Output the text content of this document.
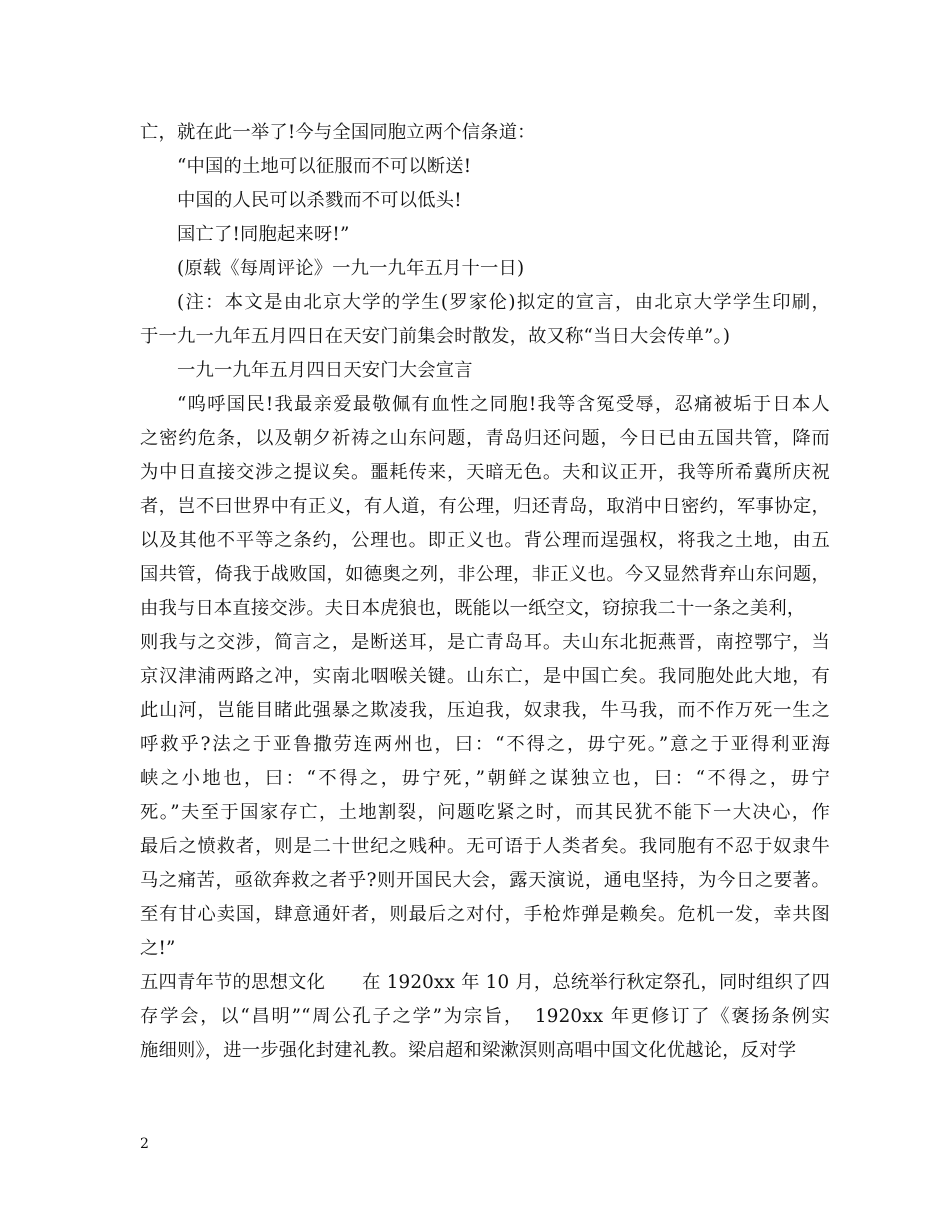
亡，就在此一举了!今与全国同胞立两个信条道：
“中国的土地可以征服而不可以断送!
中国的人民可以杀戮而不可以低头!
国亡了!同胞起来呀!”
(原载《每周评论》一九一九年五月十一日)
(注：本文是由北京大学的学生(罗家伦)拟定的宣言，由北京大学学生印刷，
于一九一九年五月四日在天安门前集会时散发，故又称“当日大会传单”。)
一九一九年五月四日天安门大会宣言
“呜呼国民!我最亲爱最敬佩有血性之同胞!我等含冤受辱，忍痛被垢于日本人
之密约危条，以及朝夕祈祷之山东问题，青岛归还问题，今日已由五国共管，降而
为中日直接交涉之提议矣。噩耗传来，天暗无色。夫和议正开，我等所希冀所庆祝
者，岂不曰世界中有正义，有人道，有公理，归还青岛，取消中日密约，军事协定，
以及其他不平等之条约，公理也。即正义也。背公理而逞强权，将我之土地，由五
国共管，倚我于战败国，如德奥之列，非公理，非正义也。今又显然背弃山东问题，
由我与日本直接交涉。夫日本虎狼也，既能以一纸空文，窃掠我二十一条之美利，
则我与之交涉，简言之，是断送耳，是亡青岛耳。夫山东北扼燕晋，南控鄂宁，当
京汉津浦两路之冲，实南北咽喉关键。山东亡，是中国亡矣。我同胞处此大地，有
此山河，岂能目睹此强暴之欺凌我，压迫我，奴隶我，牛马我，而不作万死一生之
呼救乎?法之于亚鲁撒劳连两州也，曰：“不得之，毋宁死。”意之于亚得利亚海
峡之小地也，曰：“不得之，毋宁死，”朝鲜之谋独立也，曰：“不得之，毋宁
死。”夫至于国家存亡，土地割裂，问题吃紧之时，而其民犹不能下一大决心，作
最后之愤救者，则是二十世纪之贱种。无可语于人类者矣。我同胞有不忍于奴隶牛
马之痛苦，亟欲奔救之者乎?则开国民大会，露天演说，通电坚持，为今日之要著。
至有甘心卖国，肆意通奸者，则最后之对付，手枪炸弹是赖矣。危机一发，幸共图
之!”
五四青年节的思想文化　　在 1920xx 年 10 月，总统举行秋定祭孔，同时组织了四
存学会，以“昌明”“周公孔子之学”为宗旨，　1920xx 年更修订了《褒扬条例实
施细则》，进一步强化封建礼教。梁启超和梁漱溟则高唱中国文化优越论，反对学
2
